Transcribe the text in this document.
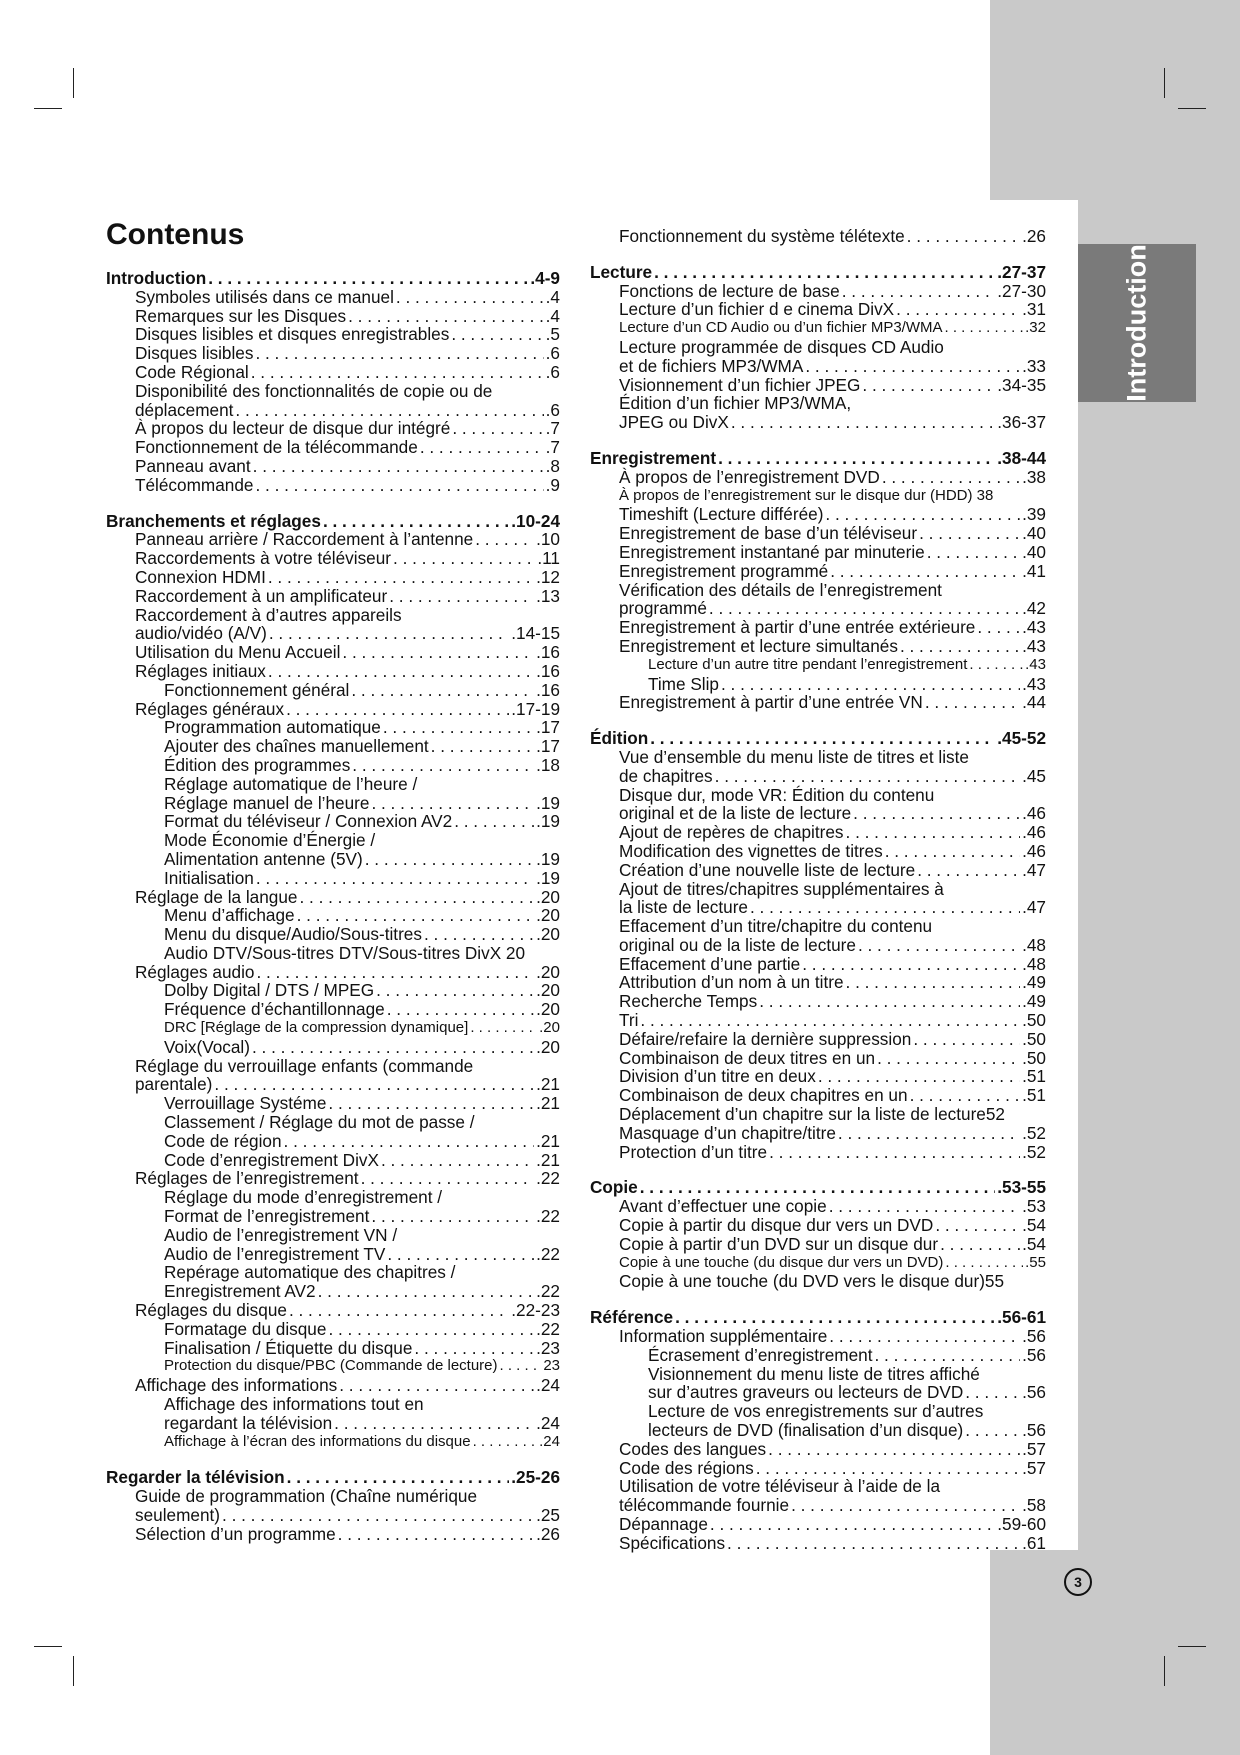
Introduction
Contenus
Introduction . . .	.4-9
Symboles utilisés dans ce manuel . . .	.4
Remarques sur les Disques . . .	.4
Disques lisibles et disques enregistrables . . .	.5
Disques lisibles . . .	.6
Code Régional . . .	.6
Disponibilité des fonctionnalités de copie ou de
déplacement . . .	.6
À propos du lecteur de disque dur intégré . . .	.7
Fonctionnement de la télécommande . . .	.7
Panneau avant . . .	.8
Télécommande . . .	.9
Branchements et réglages . . .	.10-24
Panneau arrière / Raccordement à l’antenne . . .	.10
Raccordements à votre téléviseur . . .	.11
Connexion HDMI . . .	.12
Raccordement à un amplificateur . . .	.13
Raccordement à d’autres appareils
audio/vidéo (A/V) . . .	.14-15
Utilisation du Menu Accueil . . .	.16
Réglages initiaux . . .	.16
Fonctionnement général . . .	.16
Réglages généraux . . .	.17-19
Programmation automatique . . .	.17
Ajouter des chaînes manuellement . . .	.17
Édition des programmes . . .	.18
Réglage automatique de l’heure /
Réglage manuel de l’heure . . .	.19
Format du téléviseur / Connexion AV2 . . .	.19
Mode Économie d’Énergie /
Alimentation antenne (5V) . . .	.19
Initialisation . . .	.19
Réglage de la langue . . .	.20
Menu d’affichage . . .	.20
Menu du disque/Audio/Sous-titres . . .	.20
Audio DTV/Sous-titres DTV/Sous-titres DivX 20
Réglages audio . . .	.20
Dolby Digital / DTS / MPEG . . .	.20
Fréquence d’échantillonnage . . .	.20
DRC [Réglage de la compression dynamique] . . .	.20
Voix(Vocal) . . .	.20
Réglage du verrouillage enfants (commande
parentale) . . .	.21
Verrouillage Systéme . . .	.21
Classement / Réglage du mot de passe /
Code de région . . .	.21
Code d’enregistrement DivX . . .	.21
Réglages de l’enregistrement . . .	.22
Réglage du mode d’enregistrement /
Format de l’enregistrement . . .	.22
Audio de l’enregistrement VN /
Audio de l’enregistrement TV . . .	.22
Repérage automatique des chapitres /
Enregistrement AV2 . . .	.22
Réglages du disque . . .	.22-23
Formatage du disque . . .	.22
Finalisation / Étiquette du disque . . .	.23
Protection du disque/PBC (Commande de lecture) . . .	23
Affichage des informations . . .	.24
Affichage des informations tout en
regardant la télévision . . .	.24
Affichage à l’écran des informations du disque . . .	.24
Regarder la télévision . . .	.25-26
Guide de programmation (Chaîne numérique
seulement) . . .	.25
Sélection d’un programme . . .	.26
Fonctionnement du système télétexte . . .	.26
Lecture . . .	.27-37
Fonctions de lecture de base . . .	.27-30
Lecture d’un fichier d e cinema DivX . . .	.31
Lecture d’un CD Audio ou d’un fichier MP3/WMA . . .	.32
Lecture programmée de disques CD Audio
et de fichiers MP3/WMA . . .	.33
Visionnement d’un fichier JPEG . . .	.34-35
Édition d’un fichier MP3/WMA,
JPEG ou DivX . . .	.36-37
Enregistrement . . .	.38-44
À propos de l’enregistrement DVD . . .	.38
À propos de l’enregistrement sur le disque dur (HDD) 38
Timeshift (Lecture différée) . . .	.39
Enregistrement de base d’un téléviseur . . .	.40
Enregistrement instantané par minuterie . . .	.40
Enregistrement programmé . . .	.41
Vérification des détails de l’enregistrement
programmé . . .	.42
Enregistrement à partir d’une entrée extérieure . . .	.43
Enregistrement et lecture simultanés . . .	.43
Lecture d’un autre titre pendant l’enregistrement . . .	.43
Time Slip . . .	.43
Enregistrement à partir d’une entrée VN . . .	.44
Édition . . .	.45-52
Vue d’ensemble du menu liste de titres et liste
de chapitres . . .	.45
Disque dur, mode VR: Édition du contenu
original et de la liste de lecture . . .	.46
Ajout de repères de chapitres . . .	.46
Modification des vignettes de titres . . .	.46
Création d’une nouvelle liste de lecture . . .	.47
Ajout de titres/chapitres supplémentaires à
la liste de lecture . . .	.47
Effacement d’un titre/chapitre du contenu
original ou de la liste de lecture . . .	.48
Effacement d’une partie . . .	.48
Attribution d’un nom à un titre . . .	.49
Recherche Temps . . .	.49
Tri . . .	.50
Défaire/refaire la dernière suppression . . .	.50
Combinaison de deux titres en un . . .	.50
Division d’un titre en deux . . .	.51
Combinaison de deux chapitres en un . . .	.51
Déplacement d’un chapitre sur la liste de lecture52
Masquage d’un chapitre/titre . . .	.52
Protection d’un titre . . .	.52
Copie . . .	.53-55
Avant d’effectuer une copie . . .	.53
Copie à partir du disque dur vers un DVD . . .	.54
Copie à partir d’un DVD sur un disque dur . . .	.54
Copie à une touche (du disque dur vers un DVD) . . .	.55
Copie à une touche (du DVD vers le disque dur)55
Référence . . .	.56-61
Information supplémentaire . . .	.56
Écrasement d’enregistrement . . .	.56
Visionnement du menu liste de titres affiché
sur d’autres graveurs ou lecteurs de DVD . . .	.56
Lecture de vos enregistrements sur d’autres
lecteurs de DVD (finalisation d’un disque) . . .	.56
Codes des langues . . .	.57
Code des régions . . .	.57
Utilisation de votre téléviseur à l’aide de la
télécommande fournie . . .	.58
Dépannage . . .	.59-60
Spécifications . . .	.61
3
